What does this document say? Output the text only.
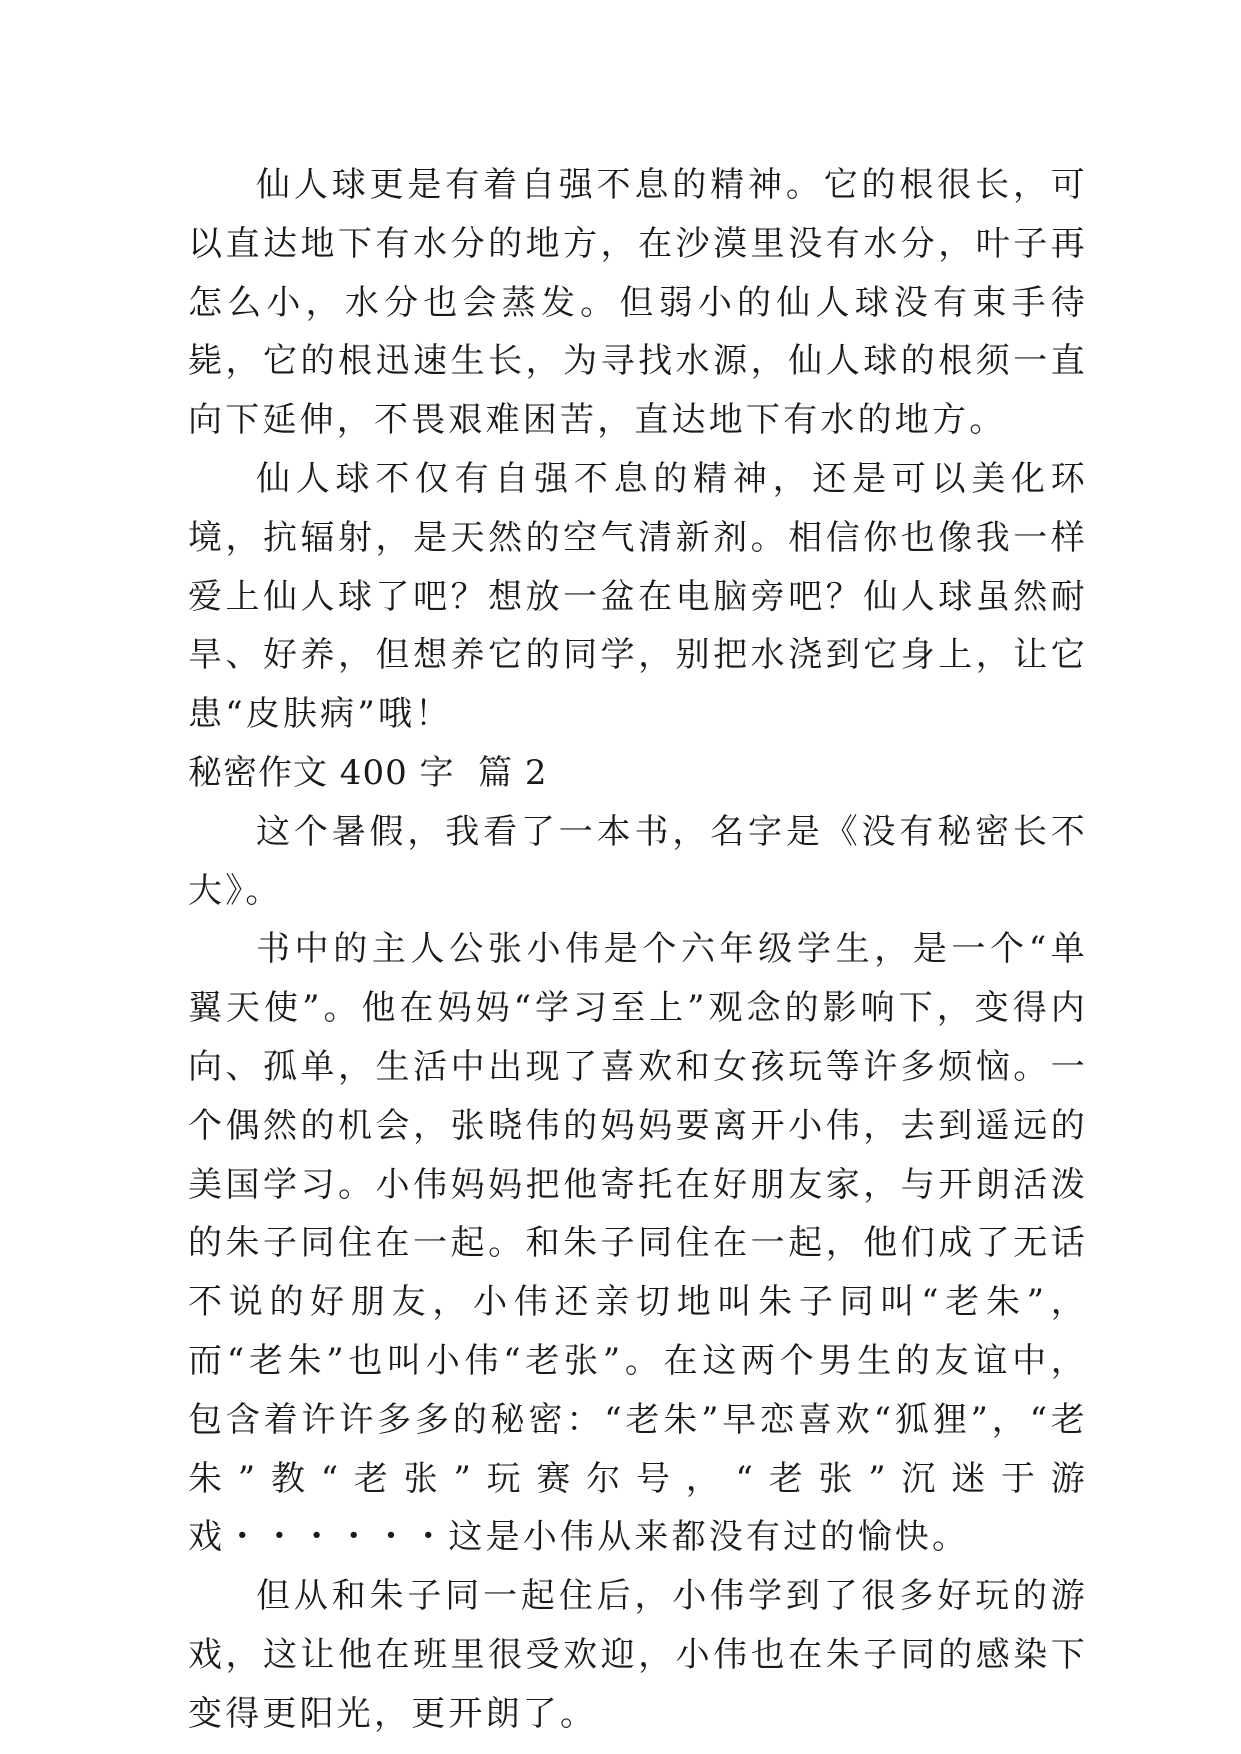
仙人球更是有着自强不息的精神。它的根很长，可以直达地下有水分的地方，在沙漠里没有水分，叶子再怎么小，水分也会蒸发。但弱小的仙人球没有束手待毙，它的根迅速生长，为寻找水源，仙人球的根须一直向下延伸，不畏艰难困苦，直达地下有水的地方。

仙人球不仅有自强不息的精神，还是可以美化环境，抗辐射，是天然的空气清新剂。相信你也像我一样爱上仙人球了吧？想放一盆在电脑旁吧？仙人球虽然耐旱、好养，但想养它的同学，别把水浇到它身上，让它患“皮肤病”哦！

秘密作文 400 字  篇 2

这个暑假，我看了一本书，名字是《没有秘密长不大》。

书中的主人公张小伟是个六年级学生，是一个“单翼天使”。他在妈妈“学习至上”观念的影响下，变得内向、孤单，生活中出现了喜欢和女孩玩等许多烦恼。一个偶然的机会，张晓伟的妈妈要离开小伟，去到遥远的美国学习。小伟妈妈把他寄托在好朋友家，与开朗活泼的朱子同住在一起。和朱子同住在一起，他们成了无话不说的好朋友，小伟还亲切地叫朱子同叫“老朱”，而“老朱”也叫小伟“老张”。在这两个男生的友谊中，包含着许许多多的秘密：“老朱”早恋喜欢“狐狸”，“老朱”教“老张”玩赛尔号，“老张”沉迷于游戏・・・・・・这是小伟从来都没有过的愉快。

但从和朱子同一起住后，小伟学到了很多好玩的游戏，这让他在班里很受欢迎，小伟也在朱子同的感染下变得更阳光，更开朗了。
